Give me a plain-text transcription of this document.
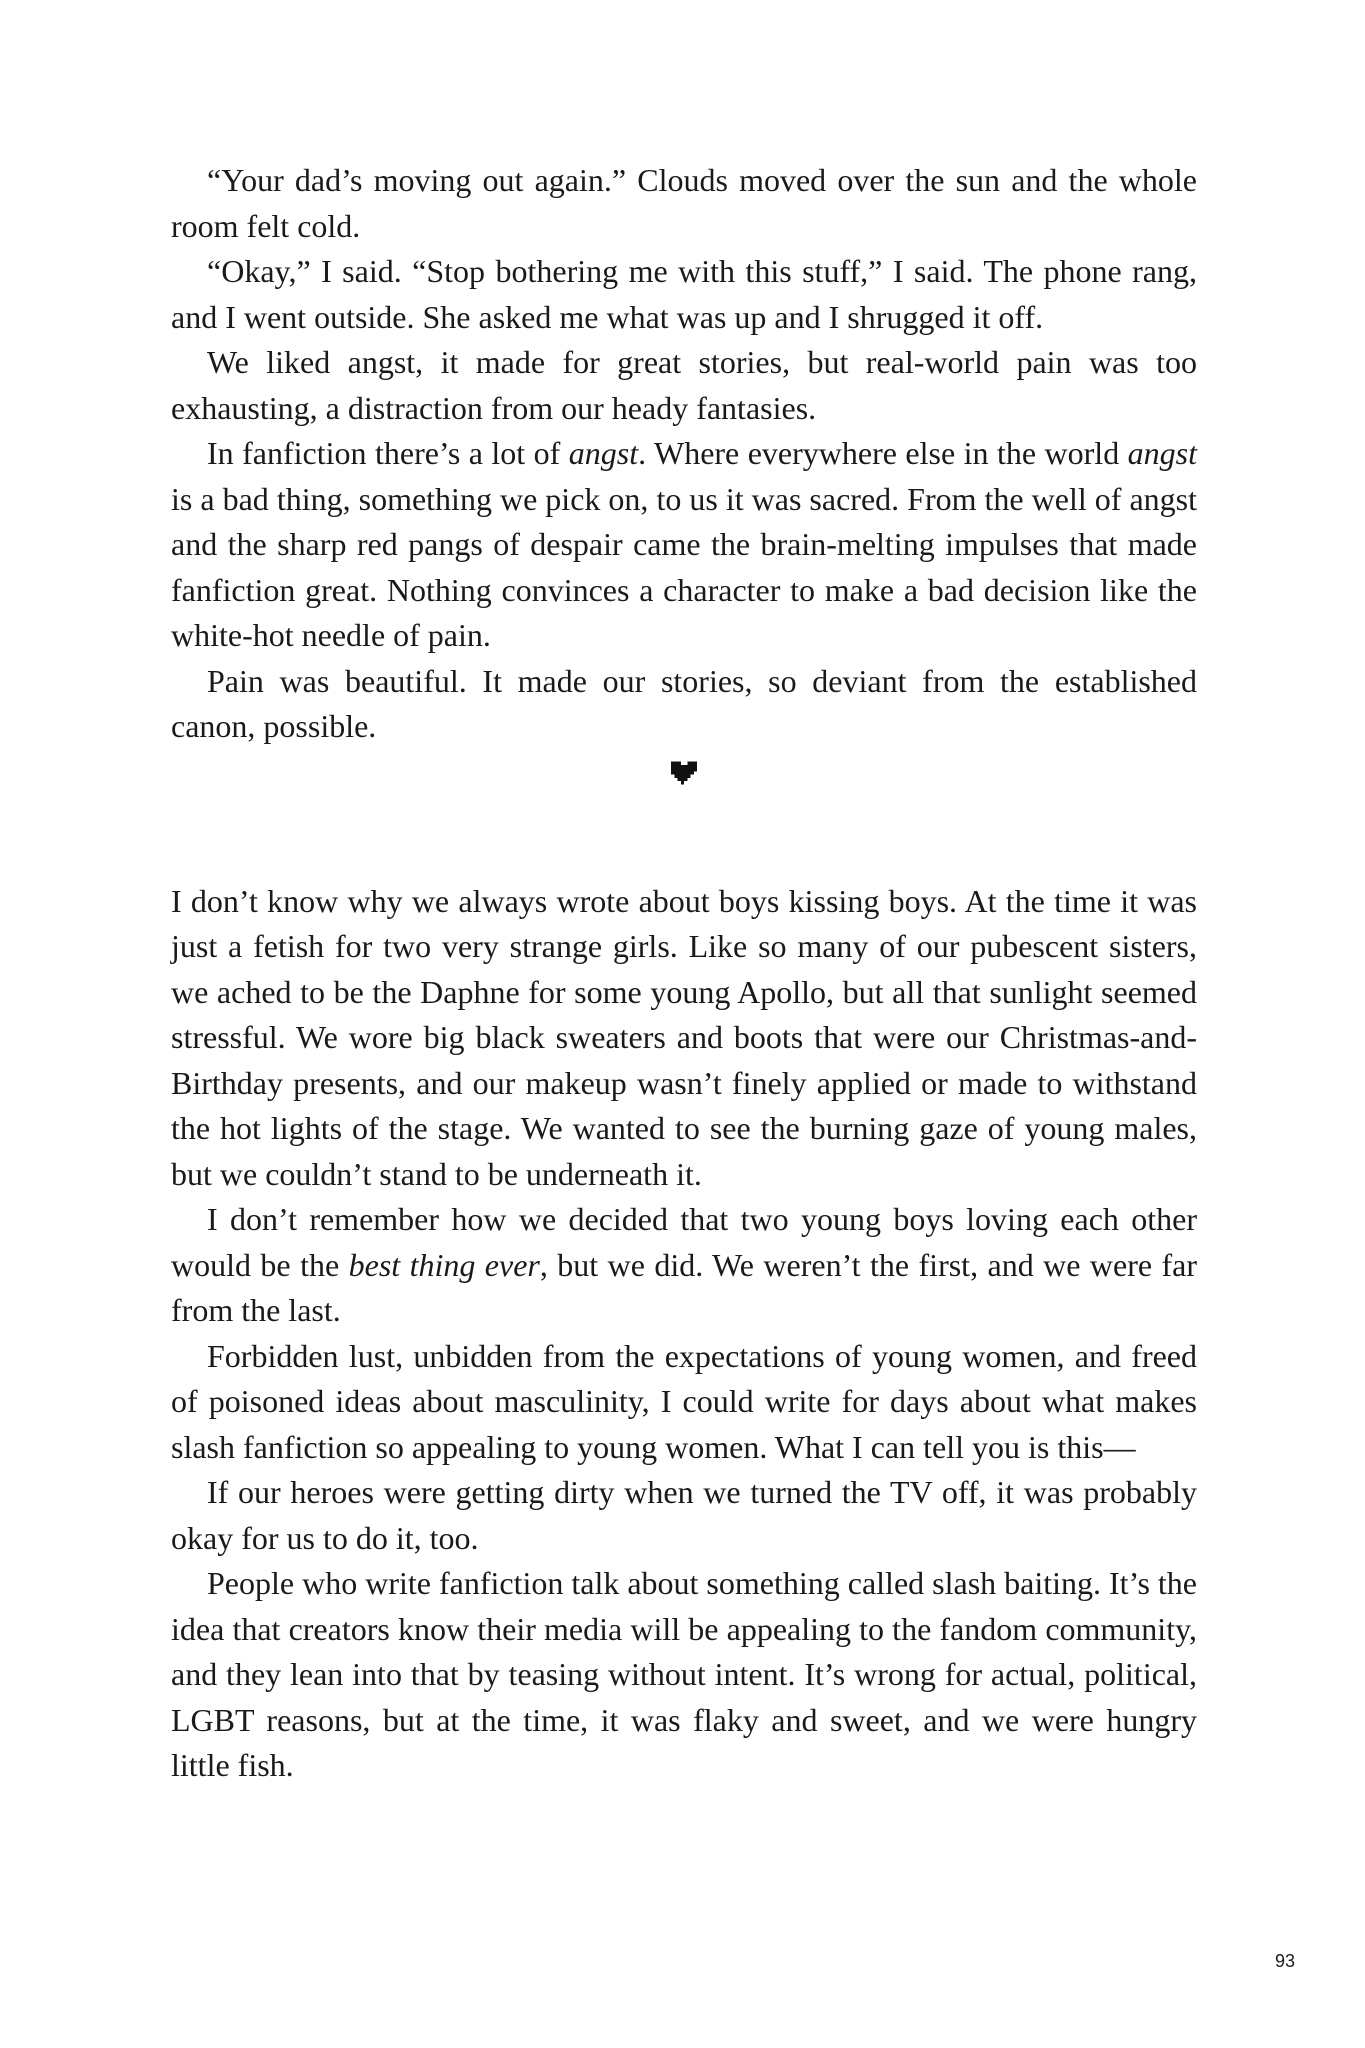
“Your dad’s moving out again.” Clouds moved over the sun and the whole room felt cold.

“Okay,” I said. “Stop bothering me with this stuff,” I said. The phone rang, and I went outside. She asked me what was up and I shrugged it off.

We liked angst, it made for great stories, but real-world pain was too exhausting, a distraction from our heady fantasies.

In fanfiction there’s a lot of angst. Where everywhere else in the world angst is a bad thing, something we pick on, to us it was sacred. From the well of angst and the sharp red pangs of despair came the brain-melting impulses that made fanfiction great. Nothing convinces a character to make a bad decision like the white-hot needle of pain.

Pain was beautiful. It made our stories, so deviant from the established canon, possible.

I don’t know why we always wrote about boys kissing boys. At the time it was just a fetish for two very strange girls. Like so many of our pubescent sisters, we ached to be the Daphne for some young Apollo, but all that sunlight seemed stressful. We wore big black sweaters and boots that were our Christmas-and-Birthday presents, and our makeup wasn’t finely applied or made to withstand the hot lights of the stage. We wanted to see the burning gaze of young males, but we couldn’t stand to be underneath it.

I don’t remember how we decided that two young boys loving each other would be the best thing ever, but we did. We weren’t the first, and we were far from the last.

Forbidden lust, unbidden from the expectations of young women, and freed of poisoned ideas about masculinity, I could write for days about what makes slash fanfiction so appealing to young women. What I can tell you is this—

If our heroes were getting dirty when we turned the TV off, it was probably okay for us to do it, too.

People who write fanfiction talk about something called slash baiting. It’s the idea that creators know their media will be appealing to the fandom community, and they lean into that by teasing without intent. It’s wrong for actual, political, LGBT reasons, but at the time, it was flaky and sweet, and we were hungry little fish.

93
